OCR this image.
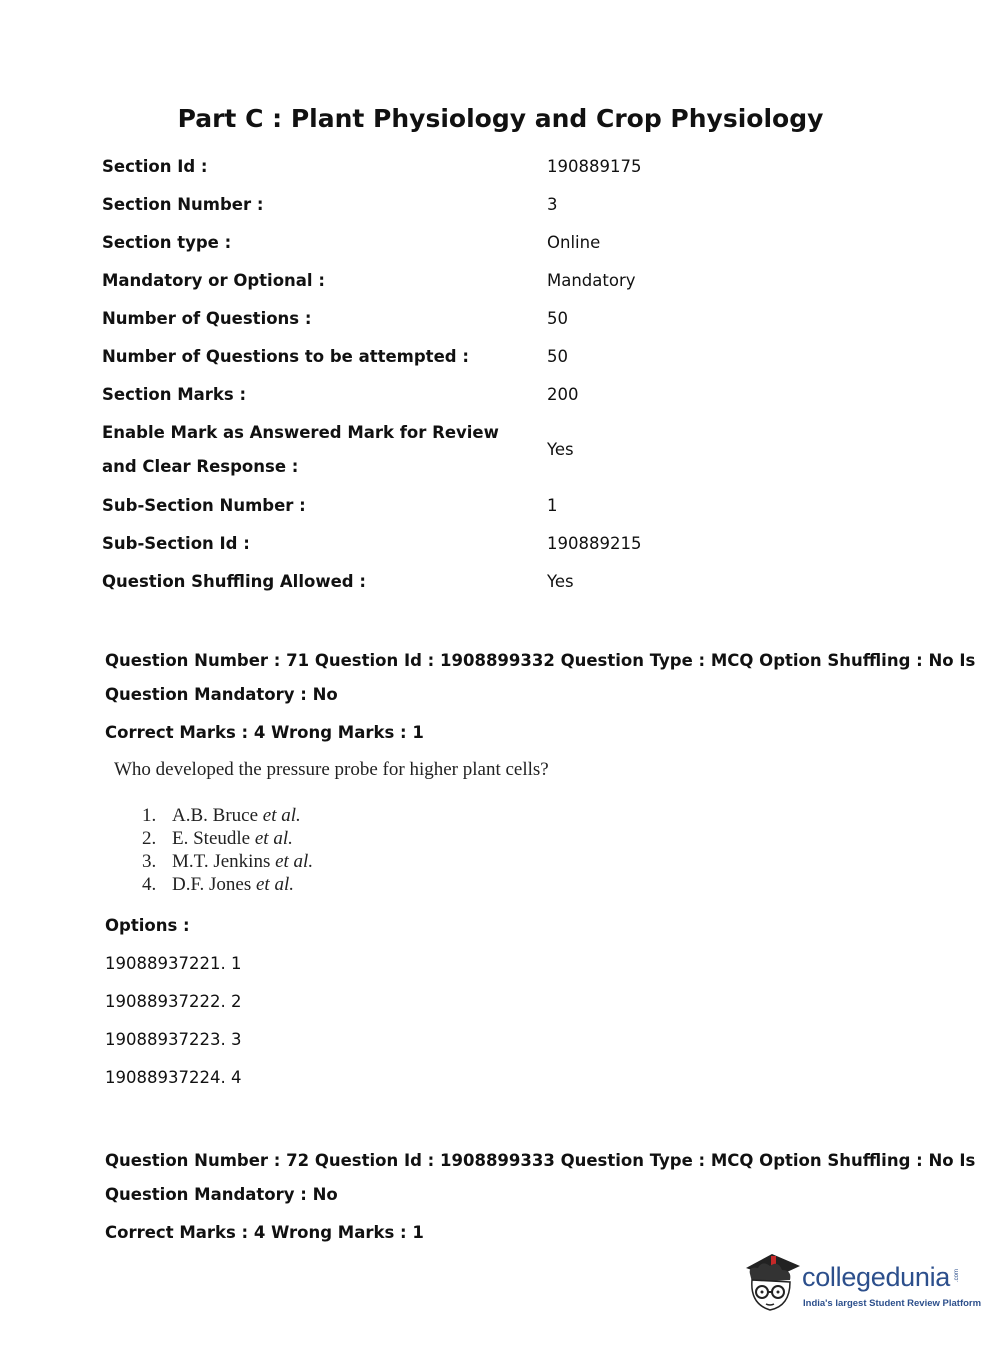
Part C : Plant Physiology and Crop Physiology
Section Id :	190889175
Section Number :	3
Section type :	Online
Mandatory or Optional :	Mandatory
Number of Questions :	50
Number of Questions to be attempted :	50
Section Marks :	200
Enable Mark as Answered Mark for Review and Clear Response :
Yes
Sub-Section Number :	1
Sub-Section Id :	190889215
Question Shuffling Allowed :	Yes
Question Number : 71 Question Id : 1908899332 Question Type : MCQ Option Shuffling : No Is
Question Mandatory : No
Correct Marks : 4 Wrong Marks : 1
Who developed the pressure probe for higher plant cells?
1. A.B. Bruce et al.
2. E. Steudle et al.
3. M.T. Jenkins et al.
4. D.F. Jones et al.
Options :
19088937221. 1
19088937222. 2
19088937223. 3
19088937224. 4
Question Number : 72 Question Id : 1908899333 Question Type : MCQ Option Shuffling : No Is
Question Mandatory : No
Correct Marks : 4 Wrong Marks : 1
collegedunia .com
India's largest Student Review Platform
